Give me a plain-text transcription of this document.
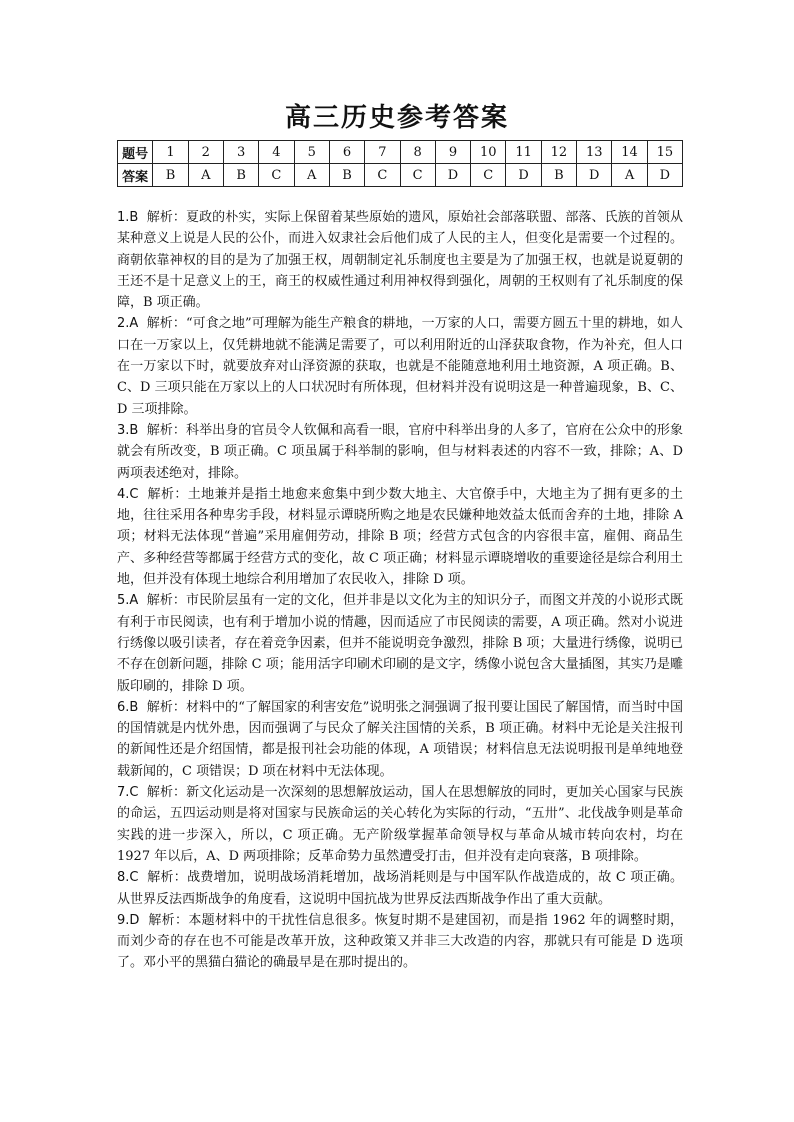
高三历史参考答案
题号	1	2	3	4	5	6	7	8	9	10	11	12	13	14	15
答案	B	A	B	C	A	B	C	C	D	C	D	B	D	A	D

1.B 解析：夏政的朴实，实际上保留着某些原始的遗风，原始社会部落联盟、部落、氏族的首领从某种意义上说是人民的公仆，而进入奴隶社会后他们成了人民的主人，但变化是需要一个过程的。商朝依靠神权的目的是为了加强王权，周朝制定礼乐制度也主要是为了加强王权，也就是说夏朝的王还不是十足意义上的王，商王的权威性通过利用神权得到强化，周朝的王权则有了礼乐制度的保障，B 项正确。

2.A 解析：“可食之地”可理解为能生产粮食的耕地，一万家的人口，需要方圆五十里的耕地，如人口在一万家以上，仅凭耕地就不能满足需要了，可以利用附近的山泽获取食物，作为补充，但人口在一万家以下时，就要放弃对山泽资源的获取，也就是不能随意地利用土地资源，A 项正确。B、C、D 三项只能在万家以上的人口状况时有所体现，但材料并没有说明这是一种普遍现象，B、C、D 三项排除。

3.B 解析：科举出身的官员令人钦佩和高看一眼，官府中科举出身的人多了，官府在公众中的形象就会有所改变，B 项正确。C 项虽属于科举制的影响，但与材料表述的内容不一致，排除；A、D 两项表述绝对，排除。

4.C 解析：土地兼并是指土地愈来愈集中到少数大地主、大官僚手中，大地主为了拥有更多的土地，往往采用各种卑劣手段，材料显示谭晓所购之地是农民嫌种地效益太低而舍弃的土地，排除 A 项；材料无法体现“普遍”采用雇佣劳动，排除 B 项；经营方式包含的内容很丰富，雇佣、商品生产、多种经营等都属于经营方式的变化，故 C 项正确；材料显示谭晓增收的重要途径是综合利用土地，但并没有体现土地综合利用增加了农民收入，排除 D 项。

5.A 解析：市民阶层虽有一定的文化，但并非是以文化为主的知识分子，而图文并茂的小说形式既有利于市民阅读，也有利于增加小说的情趣，因而适应了市民阅读的需要，A 项正确。然对小说进行绣像以吸引读者，存在着竞争因素，但并不能说明竞争激烈，排除 B 项；大量进行绣像，说明已不存在创新问题，排除 C 项；能用活字印刷术印刷的是文字，绣像小说包含大量插图，其实乃是雕版印刷的，排除 D 项。

6.B 解析：材料中的“了解国家的利害安危”说明张之洞强调了报刊要让国民了解国情，而当时中国的国情就是内忧外患，因而强调了与民众了解关注国情的关系，B 项正确。材料中无论是关注报刊的新闻性还是介绍国情，都是报刊社会功能的体现，A 项错误；材料信息无法说明报刊是单纯地登载新闻的，C 项错误；D 项在材料中无法体现。

7.C 解析：新文化运动是一次深刻的思想解放运动，国人在思想解放的同时，更加关心国家与民族的命运，五四运动则是将对国家与民族命运的关心转化为实际的行动，“五卅”、北伐战争则是革命实践的进一步深入，所以，C 项正确。无产阶级掌握革命领导权与革命从城市转向农村，均在 1927 年以后，A、D 两项排除；反革命势力虽然遭受打击，但并没有走向衰落，B 项排除。

8.C 解析：战费增加，说明战场消耗增加，战场消耗则是与中国军队作战造成的，故 C 项正确。从世界反法西斯战争的角度看，这说明中国抗战为世界反法西斯战争作出了重大贡献。

9.D 解析：本题材料中的干扰性信息很多。恢复时期不是建国初，而是指 1962 年的调整时期，而刘少奇的存在也不可能是改革开放，这种政策又并非三大改造的内容，那就只有可能是 D 选项了。邓小平的黑猫白猫论的确最早是在那时提出的。
